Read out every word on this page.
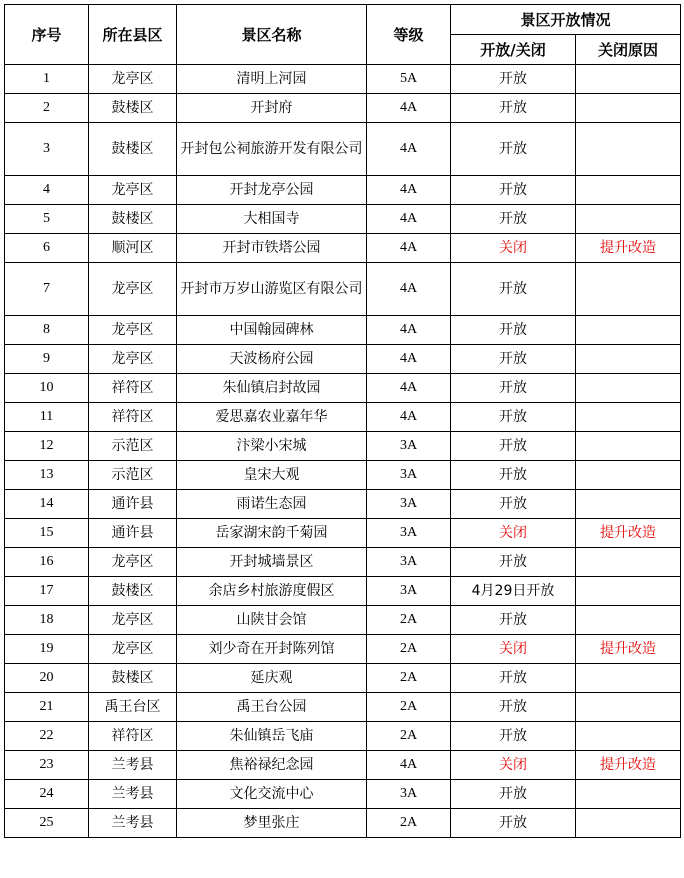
序号	所在县区	景区名称	等级	景区开放情况	
				开放/关闭	关闭原因
1	龙亭区	清明上河园	5A	开放	
2	鼓楼区	开封府	4A	开放	
3	鼓楼区	开封包公祠旅游开发有限公司	4A	开放	
4	龙亭区	开封龙亭公园	4A	开放	
5	鼓楼区	大相国寺	4A	开放	
6	顺河区	开封市铁塔公园	4A	关闭	提升改造
7	龙亭区	开封市万岁山游览区有限公司	4A	开放	
8	龙亭区	中国翰园碑林	4A	开放	
9	龙亭区	天波杨府公园	4A	开放	
10	祥符区	朱仙镇启封故园	4A	开放	
11	祥符区	爱思嘉农业嘉年华	4A	开放	
12	示范区	汴梁小宋城	3A	开放	
13	示范区	皇宋大观	3A	开放	
14	通许县	雨诺生态园	3A	开放	
15	通许县	岳家湖宋韵千菊园	3A	关闭	提升改造
16	龙亭区	开封城墙景区	3A	开放	
17	鼓楼区	余店乡村旅游度假区	3A	4月29日开放	
18	龙亭区	山陕甘会馆	2A	开放	
19	龙亭区	刘少奇在开封陈列馆	2A	关闭	提升改造
20	鼓楼区	延庆观	2A	开放	
21	禹王台区	禹王台公园	2A	开放	
22	祥符区	朱仙镇岳飞庙	2A	开放	
23	兰考县	焦裕禄纪念园	4A	关闭	提升改造
24	兰考县	文化交流中心	3A	开放	
25	兰考县	梦里张庄	2A	开放	
